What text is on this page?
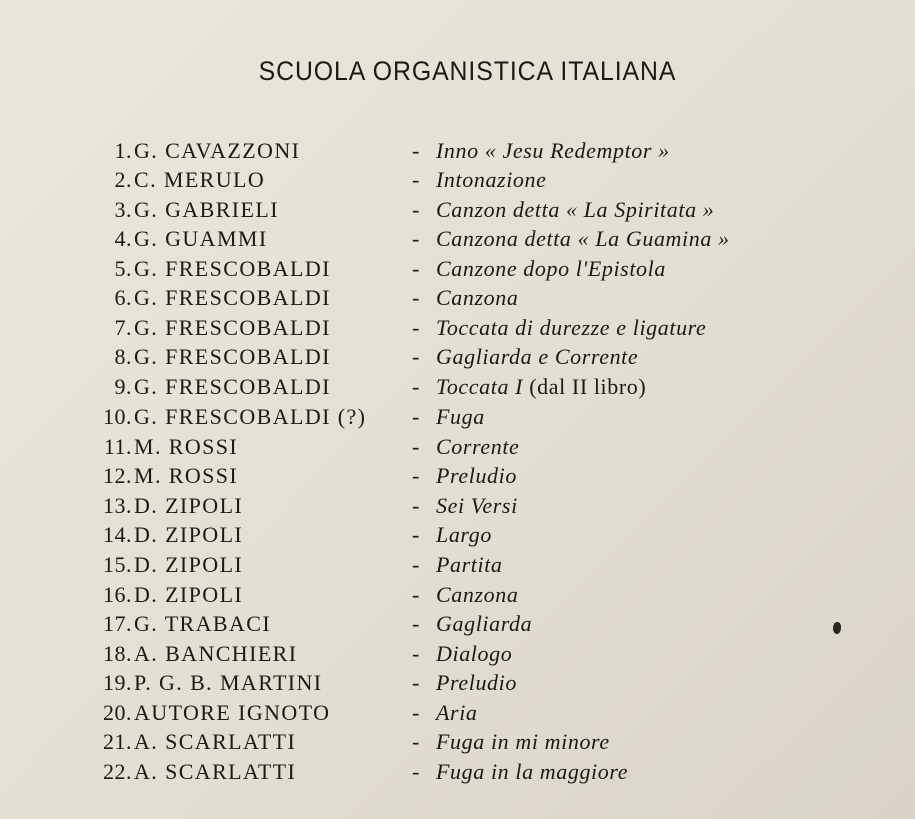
SCUOLA ORGANISTICA ITALIANA
1. G. CAVAZZONI	- Inno « Jesu Redemptor »
2. C. MERULO	- Intonazione
3. G. GABRIELI	- Canzon detta « La Spiritata »
4. G. GUAMMI	- Canzona detta « La Guamina »
5. G. FRESCOBALDI	- Canzone dopo l'Epistola
6. G. FRESCOBALDI	- Canzona
7. G. FRESCOBALDI	- Toccata di durezze e ligature
8. G. FRESCOBALDI	- Gagliarda e Corrente
9. G. FRESCOBALDI	- Toccata I (dal II libro)
10. G. FRESCOBALDI (?) - Fuga
11. M. ROSSI	- Corrente
12. M. ROSSI	- Preludio
13. D. ZIPOLI	- Sei Versi
14. D. ZIPOLI	- Largo
15. D. ZIPOLI	- Partita
16. D. ZIPOLI	- Canzona
17. G. TRABACI	- Gagliarda
18. A. BANCHIERI	- Dialogo
19. P. G. B. MARTINI	- Preludio
20. AUTORE IGNOTO	- Aria
21. A. SCARLATTI	- Fuga in mi minore
22. A. SCARLATTI	- Fuga in la maggiore
